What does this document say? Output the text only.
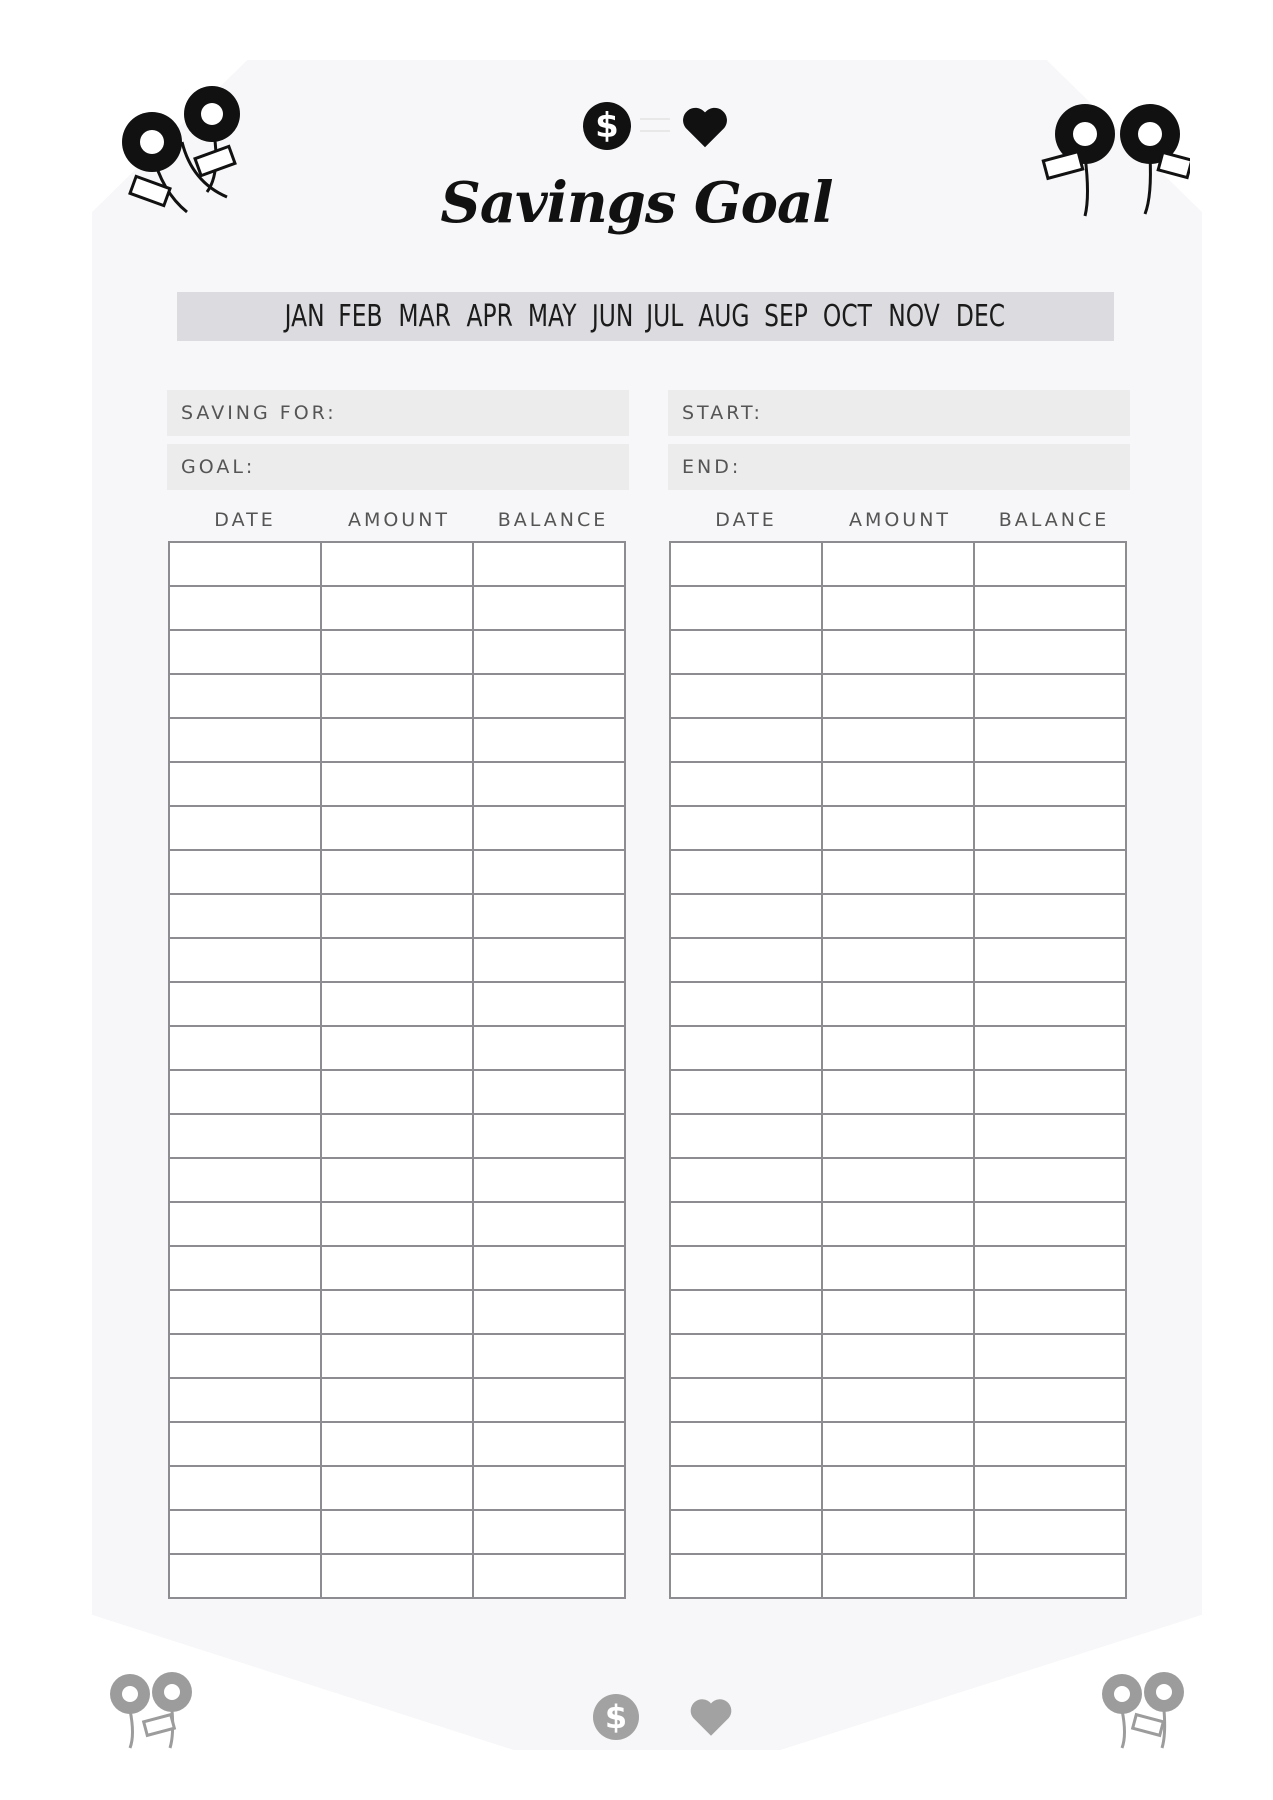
$
Savings Goal
JAN FEB MAR APR MAY JUN JUL AUG SEP OCT NOV DEC
SAVING FOR:
GOAL:
START:
END:
DATE	AMOUNT	BALANCE	DATE	AMOUNT	BALANCE

$
